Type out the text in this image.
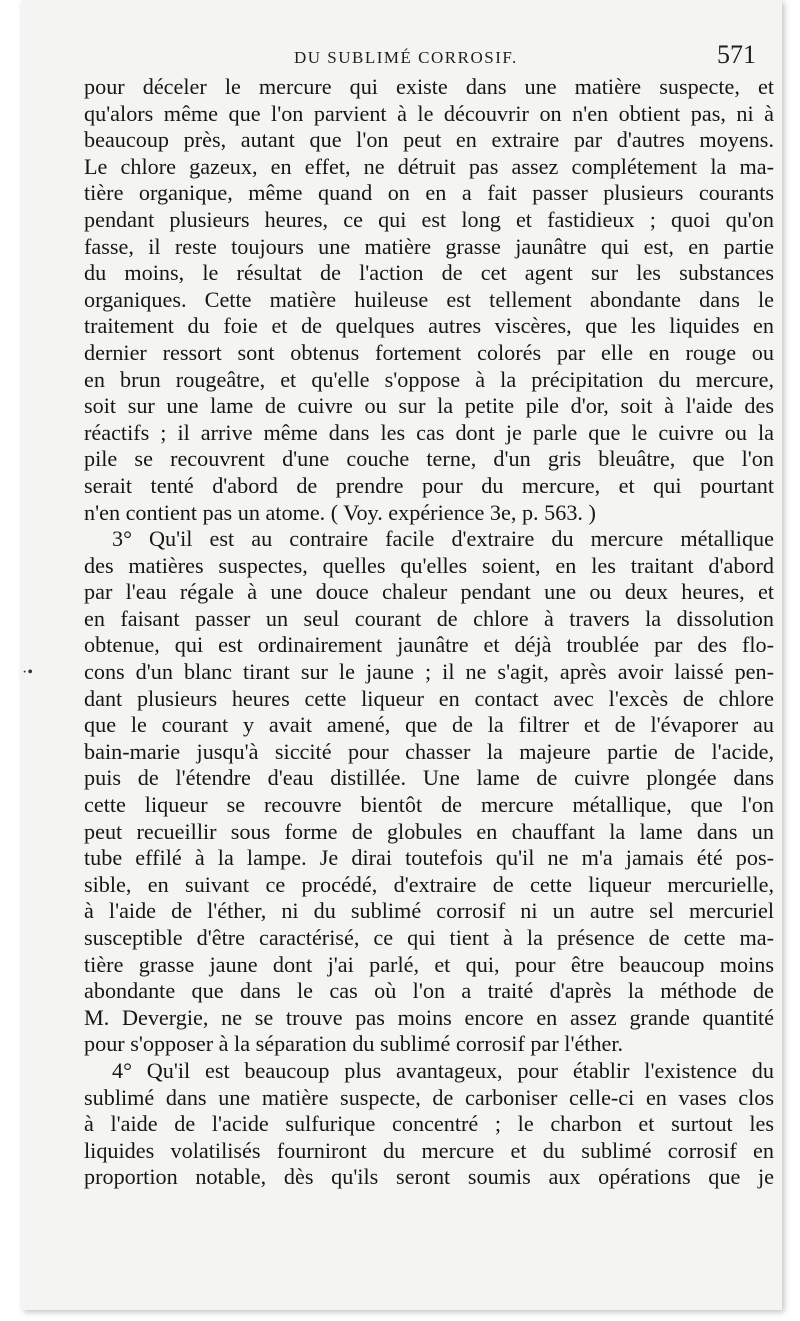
DU SUBLIMÉ CORROSIF.	571
·•
pour déceler le mercure qui existe dans une matière suspecte, et
qu'alors même que l'on parvient à le découvrir on n'en obtient pas, ni à
beaucoup près, autant que l'on peut en extraire par d'autres moyens.
Le chlore gazeux, en effet, ne détruit pas assez complétement la ma-
tière organique, même quand on en a fait passer plusieurs courants
pendant plusieurs heures, ce qui est long et fastidieux ; quoi qu'on
fasse, il reste toujours une matière grasse jaunâtre qui est, en partie
du moins, le résultat de l'action de cet agent sur les substances
organiques. Cette matière huileuse est tellement abondante dans le
traitement du foie et de quelques autres viscères, que les liquides en
dernier ressort sont obtenus fortement colorés par elle en rouge ou
en brun rougeâtre, et qu'elle s'oppose à la précipitation du mercure,
soit sur une lame de cuivre ou sur la petite pile d'or, soit à l'aide des
réactifs ; il arrive même dans les cas dont je parle que le cuivre ou la
pile se recouvrent d'une couche terne, d'un gris bleuâtre, que l'on
serait tenté d'abord de prendre pour du mercure, et qui pourtant
n'en contient pas un atome. ( Voy. expérience 3e, p. 563. )
3° Qu'il est au contraire facile d'extraire du mercure métallique
des matières suspectes, quelles qu'elles soient, en les traitant d'abord
par l'eau régale à une douce chaleur pendant une ou deux heures, et
en faisant passer un seul courant de chlore à travers la dissolution
obtenue, qui est ordinairement jaunâtre et déjà troublée par des flo-
cons d'un blanc tirant sur le jaune ; il ne s'agit, après avoir laissé pen-
dant plusieurs heures cette liqueur en contact avec l'excès de chlore
que le courant y avait amené, que de la filtrer et de l'évaporer au
bain-marie jusqu'à siccité pour chasser la majeure partie de l'acide,
puis de l'étendre d'eau distillée. Une lame de cuivre plongée dans
cette liqueur se recouvre bientôt de mercure métallique, que l'on
peut recueillir sous forme de globules en chauffant la lame dans un
tube effilé à la lampe. Je dirai toutefois qu'il ne m'a jamais été pos-
sible, en suivant ce procédé, d'extraire de cette liqueur mercurielle,
à l'aide de l'éther, ni du sublimé corrosif ni un autre sel mercuriel
susceptible d'être caractérisé, ce qui tient à la présence de cette ma-
tière grasse jaune dont j'ai parlé, et qui, pour être beaucoup moins
abondante que dans le cas où l'on a traité d'après la méthode de
M. Devergie, ne se trouve pas moins encore en assez grande quantité
pour s'opposer à la séparation du sublimé corrosif par l'éther.
4° Qu'il est beaucoup plus avantageux, pour établir l'existence du
sublimé dans une matière suspecte, de carboniser celle-ci en vases clos
à l'aide de l'acide sulfurique concentré ; le charbon et surtout les
liquides volatilisés fourniront du mercure et du sublimé corrosif en
proportion notable, dès qu'ils seront soumis aux opérations que je
